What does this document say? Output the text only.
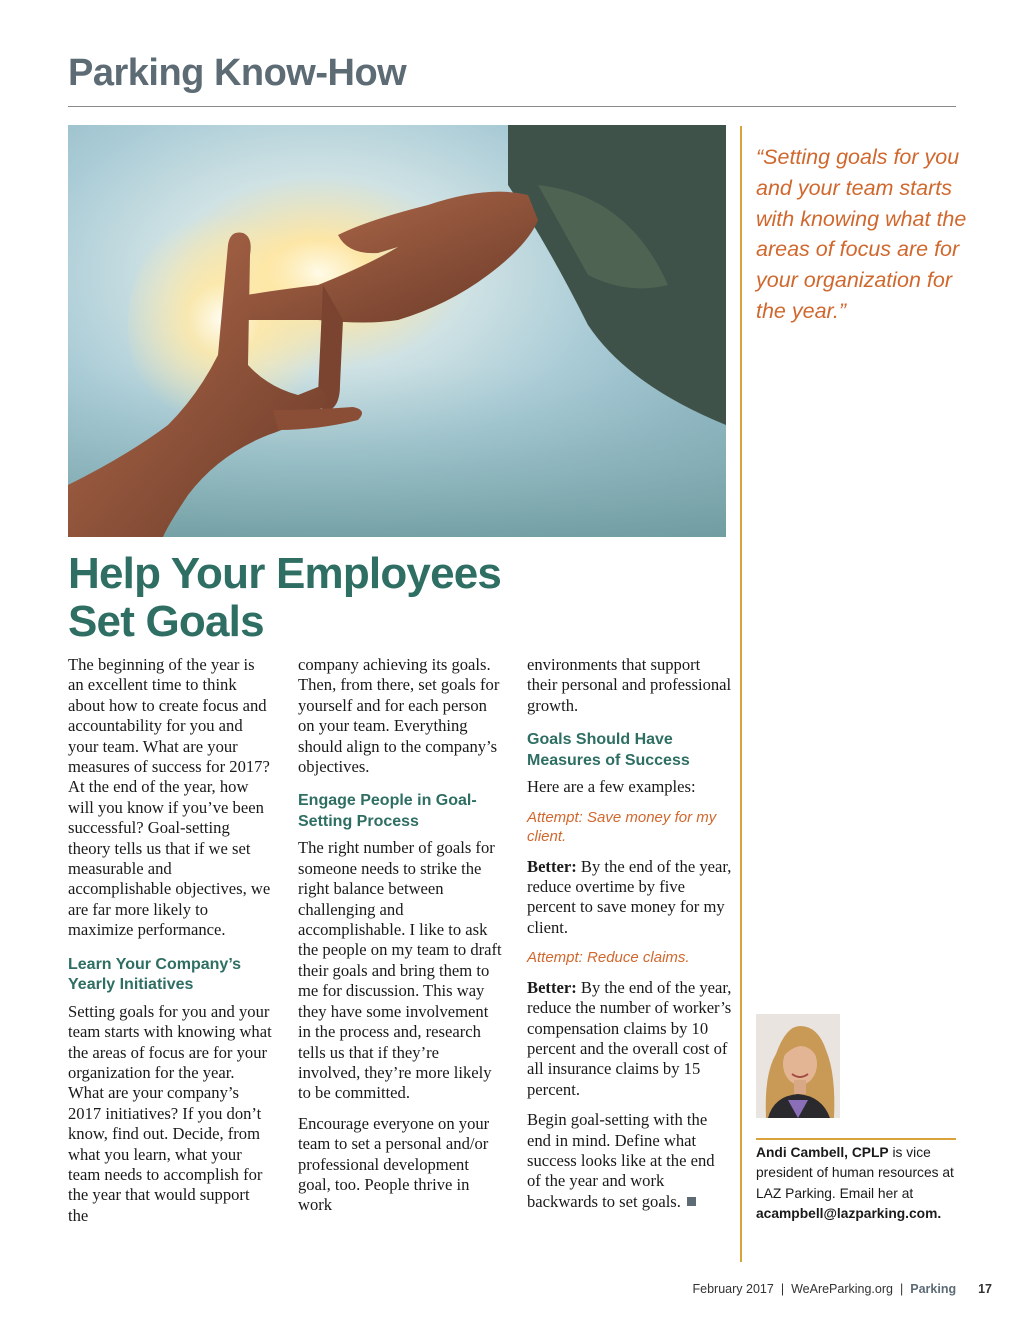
Parking Know-How

“Setting goals for you and your team starts with knowing what the areas of focus are for your organization for the year.”

Help Your Employees
Set Goals

The beginning of the year is an excellent time to think about how to create focus and accountability for you and your team. What are your measures of success for 2017? At the end of the year, how will you know if you’ve been successful? Goal-setting theory tells us that if we set measurable and accomplishable objectives, we are far more likely to maximize performance.

Learn Your Company’s Yearly Initiatives

Setting goals for you and your team starts with knowing what the areas of focus are for your organization for the year. What are your company’s 2017 initiatives? If you don’t know, find out. Decide, from what you learn, what your team needs to accomplish for the year that would support the

company achieving its goals. Then, from there, set goals for yourself and for each person on your team. Everything should align to the company’s objectives.

Engage People in Goal-Setting Process

The right number of goals for someone needs to strike the right balance between challenging and accomplishable. I like to ask the people on my team to draft their goals and bring them to me for discussion. This way they have some involvement in the process and, research tells us that if they’re involved, they’re more likely to be committed.

Encourage everyone on your team to set a personal and/or professional development goal, too. People thrive in work

environments that support their personal and professional growth.

Goals Should Have Measures of Success

Here are a few examples:

Attempt: Save money for my client.

Better: By the end of the year, reduce overtime by five percent to save money for my client.

Attempt: Reduce claims.

Better: By the end of the year, reduce the number of worker’s compensation claims by 10 percent and the overall cost of all insurance claims by 15 percent.

Begin goal-setting with the end in mind. Define what success looks like at the end of the year and work backwards to set goals.

Andi Cambell, CPLP is vice president of human resources at LAZ Parking. Email her at acampbell@lazparking.com.

February 2017 | WeAreParking.org | Parking 17
